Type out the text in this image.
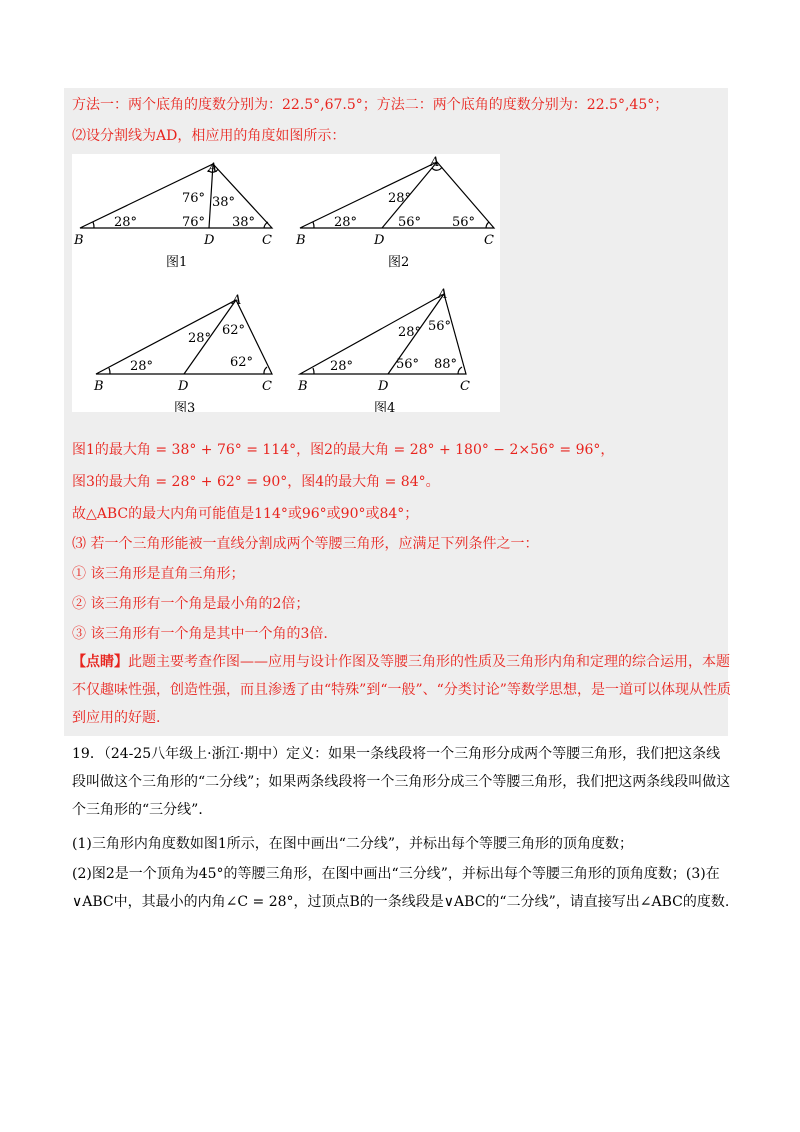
方法一：两个底角的度数分别为：22.5°,67.5°；方法二：两个底角的度数分别为：22.5°,45°；
⑵设分割线为AD，相应用的角度如图所示：
A
B	D	C
76° 38°
28°	76° 38°
图1
A
B	D	C
28°
28°	56° 56°
图2
A
B	D	C
28°
62°
28°	62°
图3
A
B	D	C
28° 56°
28°	56° 88°
图4
图1的最大角 = 38° + 76° = 114°，图2的最大角 = 28° + 180° − 2×56° = 96°，
图3的最大角 = 28° + 62° = 90°，图4的最大角 = 84°。
故△ABC的最大内角可能值是114°或96°或90°或84°；
⑶ 若一个三角形能被一直线分割成两个等腰三角形，应满足下列条件之一：
① 该三角形是直角三角形；
② 该三角形有一个角是最小角的2倍；
③ 该三角形有一个角是其中一个角的3倍.
【点睛】此题主要考查作图——应用与设计作图及等腰三角形的性质及三角形内角和定理的综合运用，本题不仅趣味性强，创造性强，而且渗透了由“特殊”到“一般”、“分类讨论”等数学思想，是一道可以体现从性质到应用的好题.
19．（24-25八年级上·浙江·期中）定义：如果一条线段将一个三角形分成两个等腰三角形，我们把这条线段叫做这个三角形的“二分线”；如果两条线段将一个三角形分成三个等腰三角形，我们把这两条线段叫做这个三角形的“三分线”．
(1)三角形内角度数如图1所示，在图中画出“二分线”，并标出每个等腰三角形的顶角度数；
(2)图2是一个顶角为45°的等腰三角形，在图中画出“三分线”，并标出每个等腰三角形的顶角度数；(3)在∨ABC中，其最小的内角∠C = 28°，过顶点B的一条线段是∨ABC的“二分线”，请直接写出∠ABC的度数.
